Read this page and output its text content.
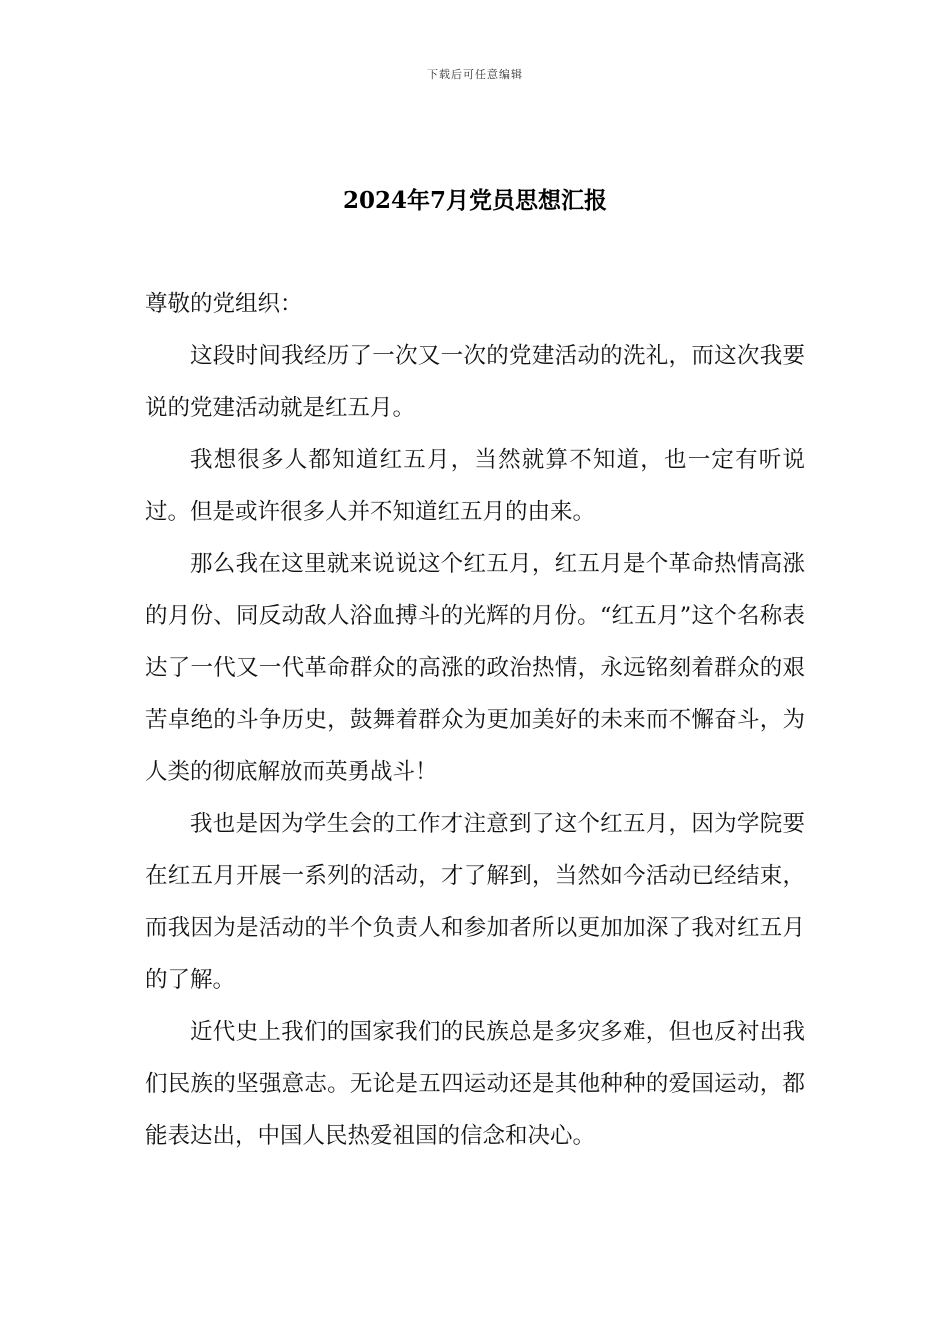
下载后可任意编辑
2024年7月党员思想汇报

尊敬的党组织：

这段时间我经历了一次又一次的党建活动的洗礼，而这次我要说的党建活动就是红五月。

我想很多人都知道红五月，当然就算不知道，也一定有听说过。但是或许很多人并不知道红五月的由来。

那么我在这里就来说说这个红五月，红五月是个革命热情高涨的月份、同反动敌人浴血搏斗的光辉的月份。“红五月”这个名称表达了一代又一代革命群众的高涨的政治热情，永远铭刻着群众的艰苦卓绝的斗争历史，鼓舞着群众为更加美好的未来而不懈奋斗，为人类的彻底解放而英勇战斗！

我也是因为学生会的工作才注意到了这个红五月，因为学院要在红五月开展一系列的活动，才了解到，当然如今活动已经结束，而我因为是活动的半个负责人和参加者所以更加加深了我对红五月的了解。

近代史上我们的国家我们的民族总是多灾多难，但也反衬出我们民族的坚强意志。无论是五四运动还是其他种种的爱国运动，都能表达出，中国人民热爱祖国的信念和决心。
